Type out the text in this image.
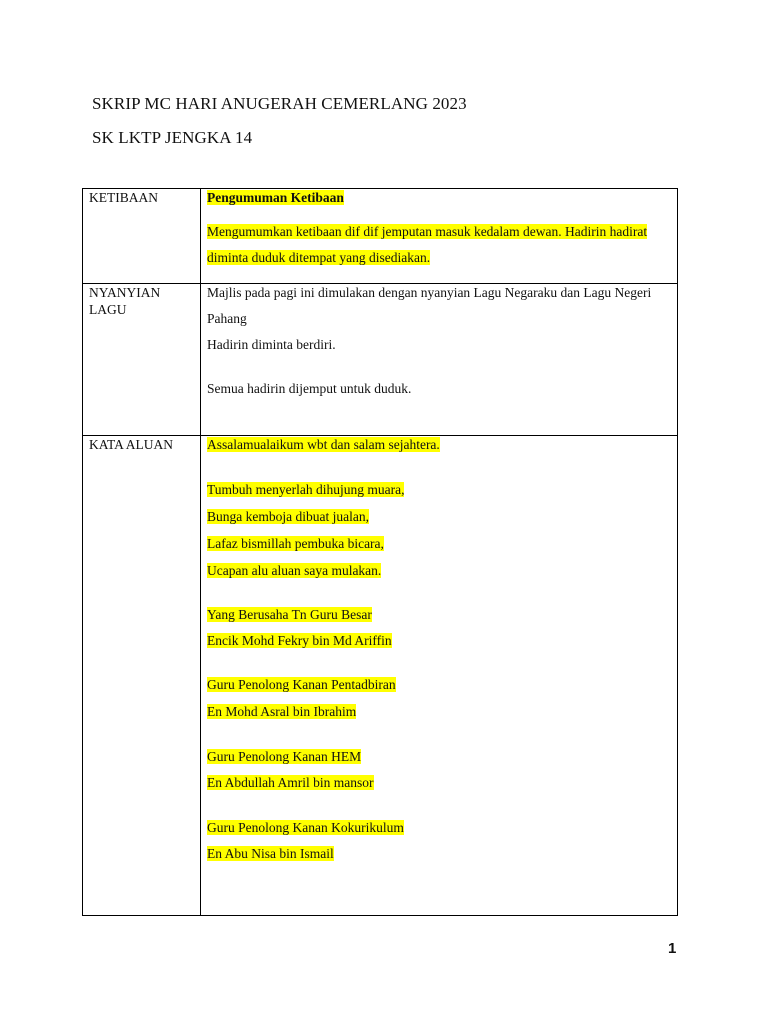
SKRIP MC HARI ANUGERAH CEMERLANG 2023
SK LKTP JENGKA 14
KETIBAAN	Pengumuman Ketibaan
Mengumumkan ketibaan dif dif jemputan masuk kedalam dewan. Hadirin hadirat
diminta duduk ditempat yang disediakan.
NYANYIAN LAGU
Majlis pada pagi ini dimulakan dengan nyanyian Lagu Negaraku dan Lagu Negeri
Pahang
Hadirin diminta berdiri.
Semua hadirin dijemput untuk duduk.
KATA ALUAN	Assalamualaikum wbt dan salam sejahtera.
Tumbuh menyerlah dihujung muara,
Bunga kemboja dibuat jualan,
Lafaz bismillah pembuka bicara,
Ucapan alu aluan saya mulakan.
Yang Berusaha Tn Guru Besar
Encik Mohd Fekry bin Md Ariffin
Guru Penolong Kanan Pentadbiran
En Mohd Asral bin Ibrahim
Guru Penolong Kanan HEM
En Abdullah Amril bin mansor
Guru Penolong Kanan Kokurikulum
En Abu Nisa bin Ismail
1
